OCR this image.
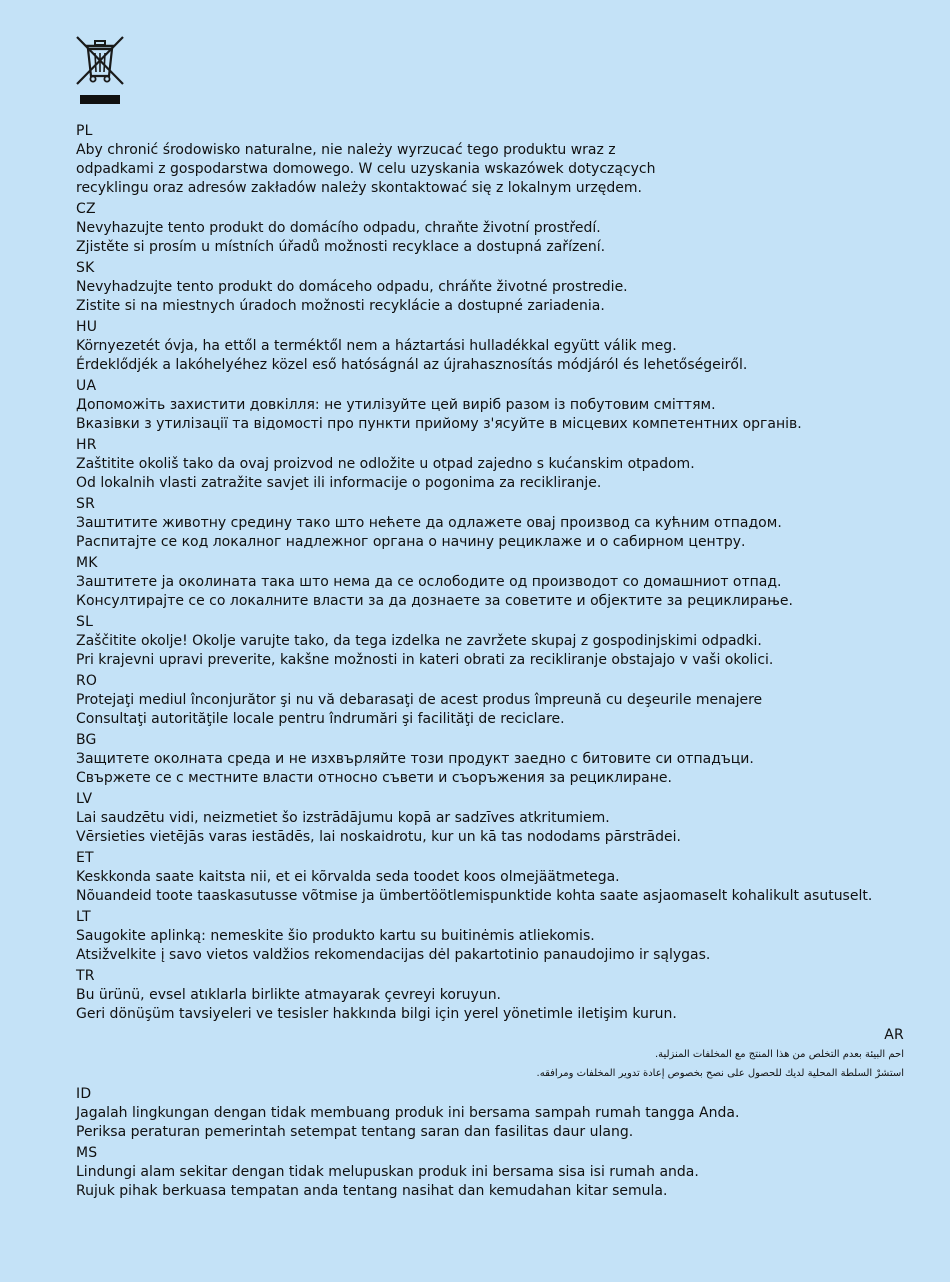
PL
Aby chronić środowisko naturalne, nie należy wyrzucać tego produktu wraz z
odpadkami z gospodarstwa domowego. W celu uzyskania wskazówek dotyczących
recyklingu oraz adresów zakładów należy skontaktować się z lokalnym urzędem.
CZ
Nevyhazujte tento produkt do domácího odpadu, chraňte životní prostředí.
Zjistěte si prosím u místních úřadů možnosti recyklace a dostupná zařízení.
SK
Nevyhadzujte tento produkt do domáceho odpadu, chráňte životné prostredie.
Zistite si na miestnych úradoch možnosti recyklácie a dostupné zariadenia.
HU
Környezetét óvja, ha ettől a terméktől nem a háztartási hulladékkal együtt válik meg.
Érdeklődjék a lakóhelyéhez közel eső hatóságnál az újrahasznosítás módjáról és lehetőségeiről.
UA
Допоможіть захистити довкілля: не утилізуйте цей виріб разом із побутовим сміттям.
Вказівки з утилізації та відомості про пункти прийому з'ясуйте в місцевих компетентних органів.
HR
Zaštitite okoliš tako da ovaj proizvod ne odložite u otpad zajedno s kućanskim otpadom.
Od lokalnih vlasti zatražite savjet ili informacije o pogonima za recikliranje.
SR
Заштитите животну средину тако што нећете да одлажете овај производ са кућним отпадом.
Распитајте се код локалног надлежног органа о начину рециклаже и о сабирном центру.
MK
Заштитете ја околината така што нема да се ослободите од производот со домашниот отпад.
Консултирајте се со локалните власти за да дознаете за советите и објектите за рециклирање.
SL
Zaščitite okolje! Okolje varujte tako, da tega izdelka ne zavržete skupaj z gospodinjskimi odpadki.
Pri krajevni upravi preverite, kakšne možnosti in kateri obrati za recikliranje obstajajo v vaši okolici.
RO
Protejaţi mediul înconjurător şi nu vă debarasaţi de acest produs împreună cu deşeurile menajere
Consultaţi autorităţile locale pentru îndrumări şi facilităţi de reciclare.
BG
Защитете околната среда и не изхвърляйте този продукт заедно с битовите си отпадъци.
Свържете се с местните власти относно съвети и съоръжения за рециклиране.
LV
Lai saudzētu vidi, neizmetiet šo izstrādājumu kopā ar sadzīves atkritumiem.
Vērsieties vietējās varas iestādēs, lai noskaidrotu, kur un kā tas nododams pārstrādei.
ET
Keskkonda saate kaitsta nii, et ei kõrvalda seda toodet koos olmejäätmetega.
Nõuandeid toote taaskasutusse võtmise ja ümbertöötlemispunktide kohta saate asjaomaselt kohalikult asutuselt.
LT
Saugokite aplinką: nemeskite šio produkto kartu su buitinėmis atliekomis.
Atsižvelkite į savo vietos valdžios rekomendacijas dėl pakartotinio panaudojimo ir sąlygas.
TR
Bu ürünü, evsel atıklarla birlikte atmayarak çevreyi koruyun.
Geri dönüşüm tavsiyeleri ve tesisler hakkında bilgi için yerel yönetimle iletişim kurun.
AR
احم البيئة بعدم التخلص من هذا المنتج مع المخلفات المنزلية.
استشرْ السلطة المحلية لديك للحصول على نصح بخصوص إعادة تدوير المخلفات ومرافقه.
ID
Jagalah lingkungan dengan tidak membuang produk ini bersama sampah rumah tangga Anda.
Periksa peraturan pemerintah setempat tentang saran dan fasilitas daur ulang.
MS
Lindungi alam sekitar dengan tidak melupuskan produk ini bersama sisa isi rumah anda.
Rujuk pihak berkuasa tempatan anda tentang nasihat dan kemudahan kitar semula.
